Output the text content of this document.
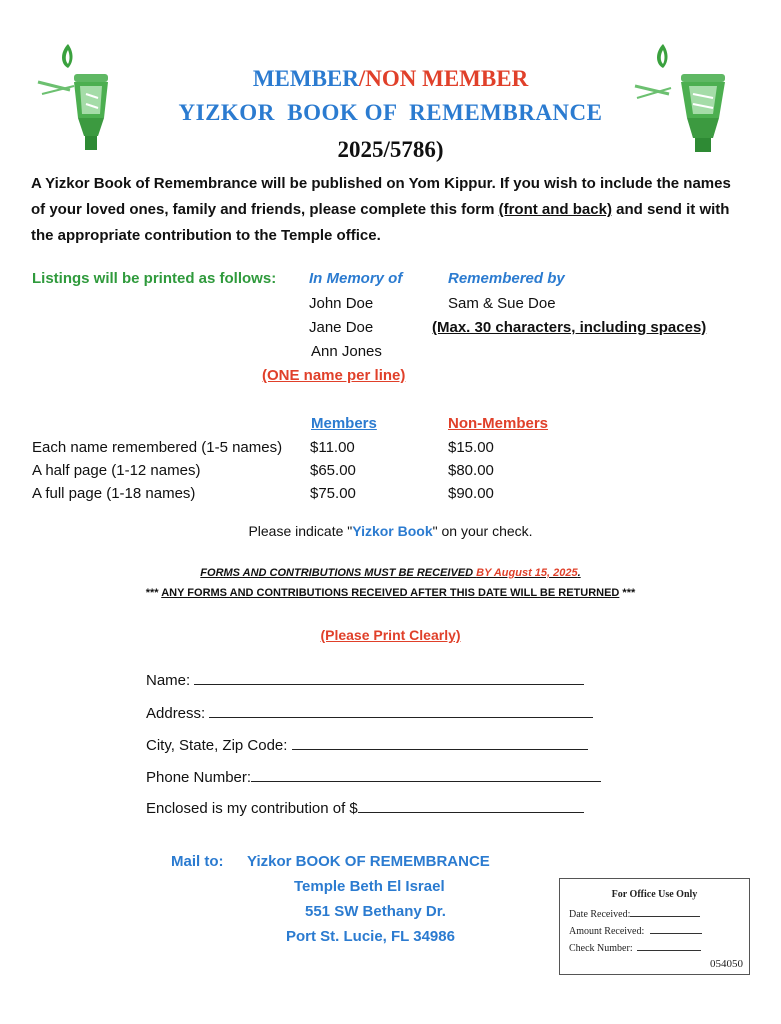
MEMBER/NON MEMBER
YIZKOR  BOOK OF  REMEMBRANCE
2025/5786)
A Yizkor Book of Remembrance will be published on Yom Kippur. If you wish to include the names of your loved ones, family and friends, please complete this form (front and back) and send it with the appropriate contribution to the Temple office.
Listings will be printed as follows: In Memory of	Remembered by
John Doe	Sam & Sue Doe
Jane Doe	(Max. 30 characters, including spaces)
Ann Jones
(ONE name per line)
Members	Non-Members
Each name remembered (1-5 names) $11.00	$15.00
A half page (1-12 names)	$65.00	$80.00
A full page (1-18 names)	$75.00	$90.00
Please indicate "Yizkor Book" on your check.
FORMS AND CONTRIBUTIONS MUST BE RECEIVED BY August 15, 2025.
*** ANY FORMS AND CONTRIBUTIONS RECEIVED AFTER THIS DATE WILL BE RETURNED ***
(Please Print Clearly)
Name:
Address:
City, State, Zip Code:
Phone Number:
Enclosed is my contribution of $
Mail to: Yizkor BOOK OF REMEMBRANCE
Temple Beth El Israel
551 SW Bethany Dr.
Port St. Lucie, FL 34986
For Office Use Only
Date Received:
Amount Received:
Check Number:
054050
